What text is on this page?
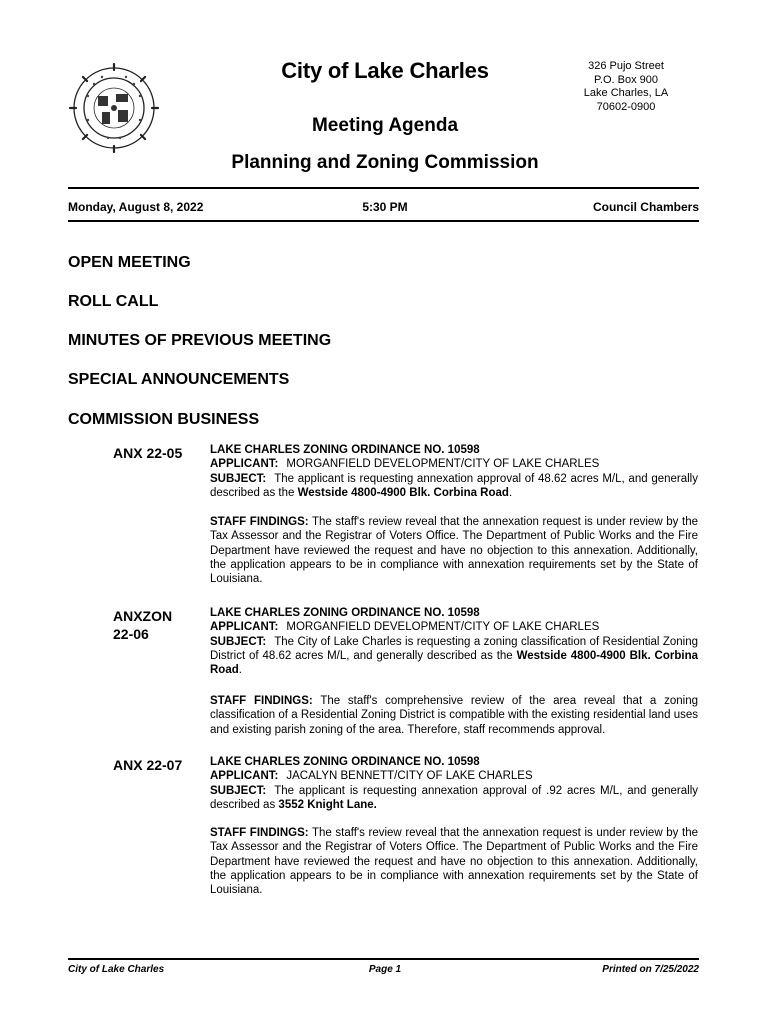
City of Lake Charles	326 Pujo Street
P.O. Box 900
Lake Charles, LA
70602-0900
Meeting Agenda
Planning and Zoning Commission
Monday, August 8, 2022	5:30 PM	Council Chambers
OPEN MEETING
ROLL CALL
MINUTES OF PREVIOUS MEETING
SPECIAL ANNOUNCEMENTS
COMMISSION BUSINESS
ANX 22-05	LAKE CHARLES ZONING ORDINANCE NO. 10598
APPLICANT: MORGANFIELD DEVELOPMENT/CITY OF LAKE CHARLES
SUBJECT: The applicant is requesting annexation approval of 48.62 acres M/L, and generally described as the Westside 4800-4900 Blk. Corbina Road.
STAFF FINDINGS: The staff's review reveal that the annexation request is under review by the Tax Assessor and the Registrar of Voters Office. The Department of Public Works and the Fire Department have reviewed the request and have no objection to this annexation. Additionally, the application appears to be in compliance with annexation requirements set by the State of Louisiana.
ANXZON
22-06
LAKE CHARLES ZONING ORDINANCE NO. 10598
APPLICANT: MORGANFIELD DEVELOPMENT/CITY OF LAKE CHARLES
SUBJECT: The City of Lake Charles is requesting a zoning classification of Residential Zoning District of 48.62 acres M/L, and generally described as the Westside 4800-4900 Blk. Corbina Road.
STAFF FINDINGS: The staff's comprehensive review of the area reveal that a zoning classification of a Residential Zoning District is compatible with the existing residential land uses and existing parish zoning of the area. Therefore, staff recommends approval.
ANX 22-07	LAKE CHARLES ZONING ORDINANCE NO. 10598
APPLICANT: JACALYN BENNETT/CITY OF LAKE CHARLES
SUBJECT: The applicant is requesting annexation approval of .92 acres M/L, and generally described as 3552 Knight Lane.
STAFF FINDINGS: The staff's review reveal that the annexation request is under review by the Tax Assessor and the Registrar of Voters Office. The Department of Public Works and the Fire Department have reviewed the request and have no objection to this annexation. Additionally, the application appears to be in compliance with annexation requirements set by the State of Louisiana.
City of Lake Charles	Page 1	Printed on 7/25/2022
